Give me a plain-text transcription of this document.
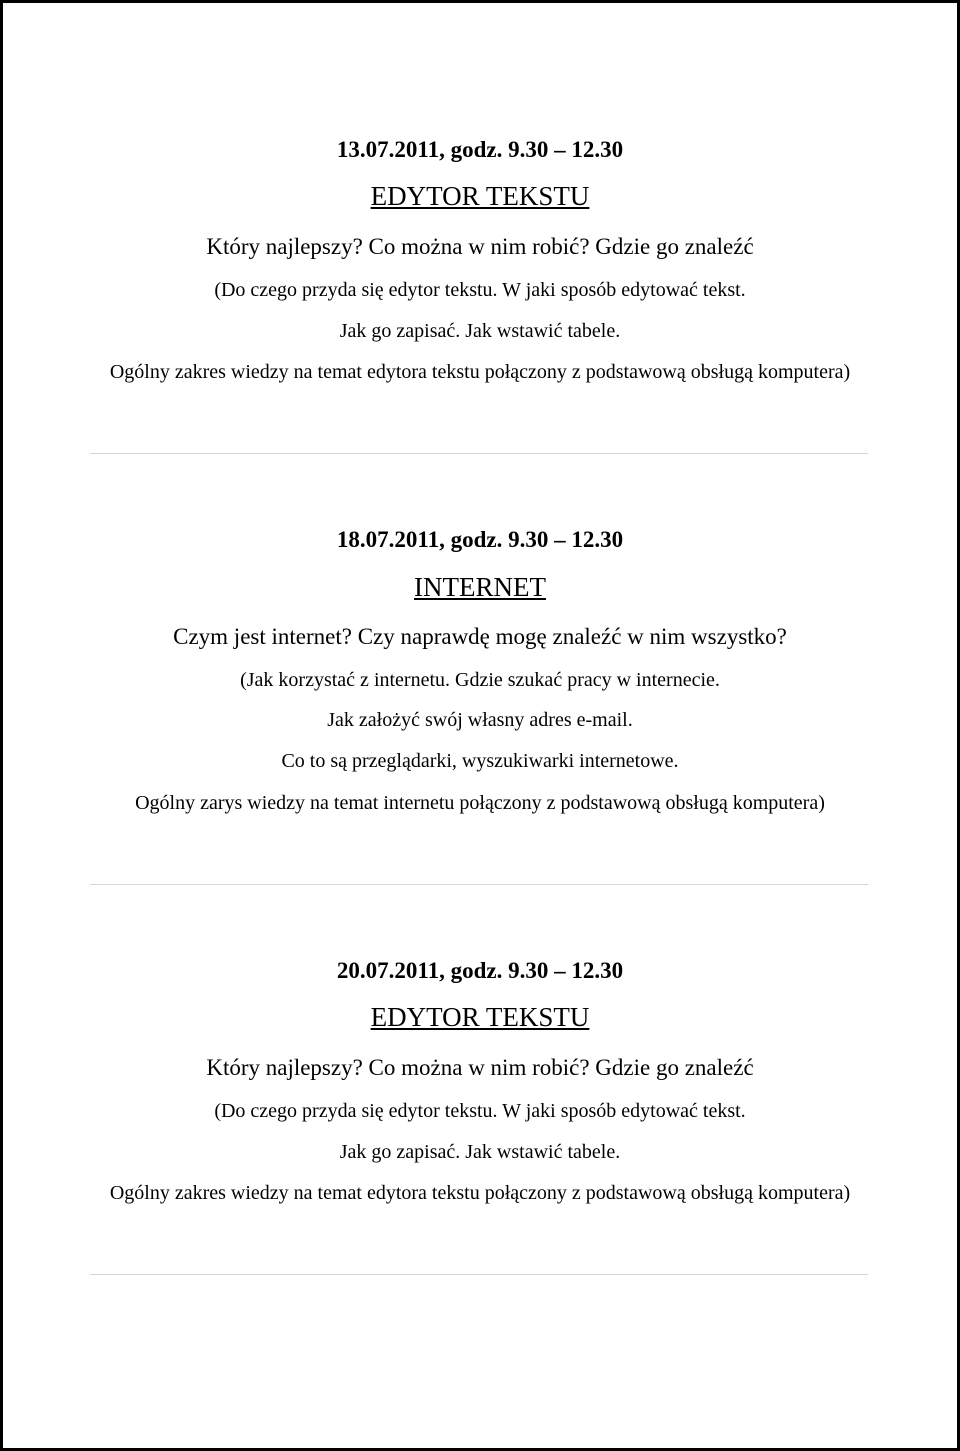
13.07.2011, godz. 9.30 – 12.30
EDYTOR TEKSTU
Który najlepszy? Co można w nim robić? Gdzie go znaleźć
(Do czego przyda się edytor tekstu. W jaki sposób edytować tekst.
Jak go zapisać. Jak wstawić tabele.
Ogólny zakres wiedzy na temat edytora tekstu połączony z podstawową obsługą komputera)
18.07.2011, godz. 9.30 – 12.30
INTERNET
Czym jest internet? Czy naprawdę mogę znaleźć w nim wszystko?
(Jak korzystać z internetu. Gdzie szukać pracy w internecie.
Jak założyć swój własny adres e-mail.
Co to są przeglądarki, wyszukiwarki internetowe.
Ogólny zarys wiedzy na temat internetu połączony z podstawową obsługą komputera)
20.07.2011, godz. 9.30 – 12.30
EDYTOR TEKSTU
Który najlepszy? Co można w nim robić? Gdzie go znaleźć
(Do czego przyda się edytor tekstu. W jaki sposób edytować tekst.
Jak go zapisać. Jak wstawić tabele.
Ogólny zakres wiedzy na temat edytora tekstu połączony z podstawową obsługą komputera)
